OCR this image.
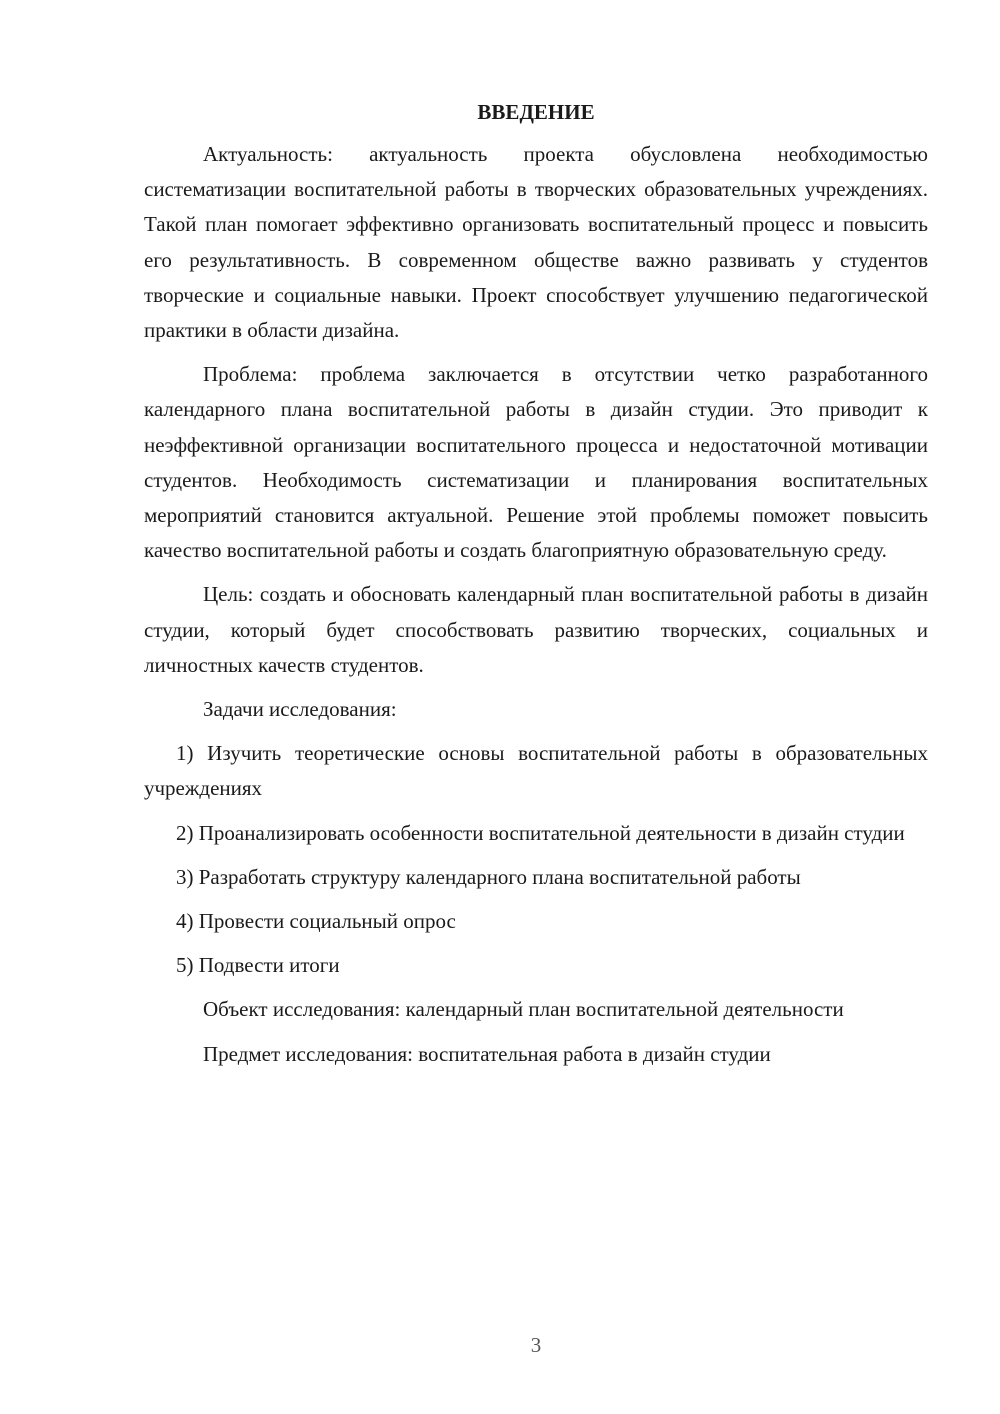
ВВЕДЕНИЕ

Актуальность: актуальность проекта обусловлена необходимостью систематизации воспитательной работы в творческих образовательных учреждениях. Такой план помогает эффективно организовать воспитательный процесс и повысить его результативность. В современном обществе важно развивать у студентов творческие и социальные навыки. Проект способствует улучшению педагогической практики в области дизайна.

Проблема: проблема заключается в отсутствии четко разработанного календарного плана воспитательной работы в дизайн студии. Это приводит к неэффективной организации воспитательного процесса и недостаточной мотивации студентов. Необходимость систематизации и планирования воспитательных мероприятий становится актуальной. Решение этой проблемы поможет повысить качество воспитательной работы и создать благоприятную образовательную среду.

Цель: создать и обосновать календарный план воспитательной работы в дизайн студии, который будет способствовать развитию творческих, социальных и личностных качеств студентов.

Задачи исследования:

1) Изучить теоретические основы воспитательной работы в образовательных учреждениях

2) Проанализировать особенности воспитательной деятельности в дизайн студии

3) Разработать структуру календарного плана воспитательной работы

4) Провести социальный опрос

5) Подвести итоги

Объект исследования: календарный план воспитательной деятельности

Предмет исследования: воспитательная работа в дизайн студии

3
